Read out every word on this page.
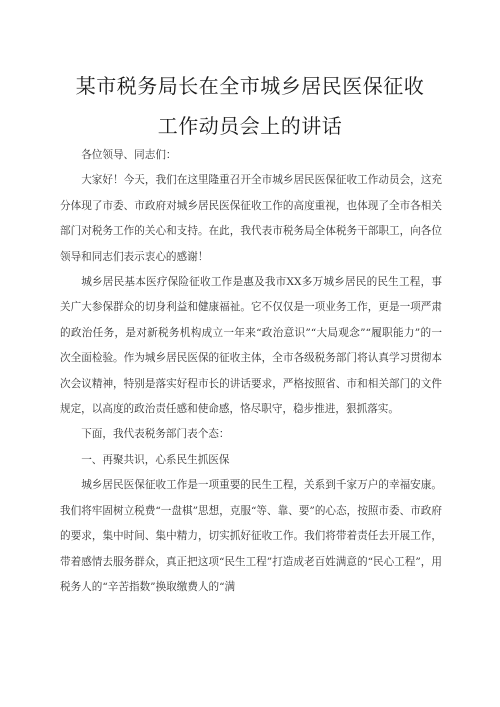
某市税务局长在全市城乡居民医保征收
工作动员会上的讲话

各位领导、同志们：

大家好！今天，我们在这里隆重召开全市城乡居民医保征收工作动员会，这充分体现了市委、市政府对城乡居民医保征收工作的高度重视，也体现了全市各相关部门对税务工作的关心和支持。在此，我代表市税务局全体税务干部职工，向各位领导和同志们表示衷心的感谢！

城乡居民基本医疗保险征收工作是惠及我市XX多万城乡居民的民生工程，事关广大参保群众的切身利益和健康福祉。它不仅仅是一项业务工作，更是一项严肃的政治任务，是对新税务机构成立一年来“政治意识”“大局观念”“履职能力”的一次全面检验。作为城乡居民医保的征收主体，全市各级税务部门将认真学习贯彻本次会议精神，特别是落实好程市长的讲话要求，严格按照省、市和相关部门的文件规定，以高度的政治责任感和使命感，恪尽职守，稳步推进，狠抓落实。

下面，我代表税务部门表个态：

一、再聚共识，心系民生抓医保

城乡居民医保征收工作是一项重要的民生工程，关系到千家万户的幸福安康。我们将牢固树立税费“一盘棋”思想，克服“等、靠、要”的心态，按照市委、市政府的要求，集中时间、集中精力，切实抓好征收工作。我们将带着责任去开展工作，带着感情去服务群众，真正把这项“民生工程”打造成老百姓满意的“民心工程”，用税务人的“辛苦指数”换取缴费人的“满
